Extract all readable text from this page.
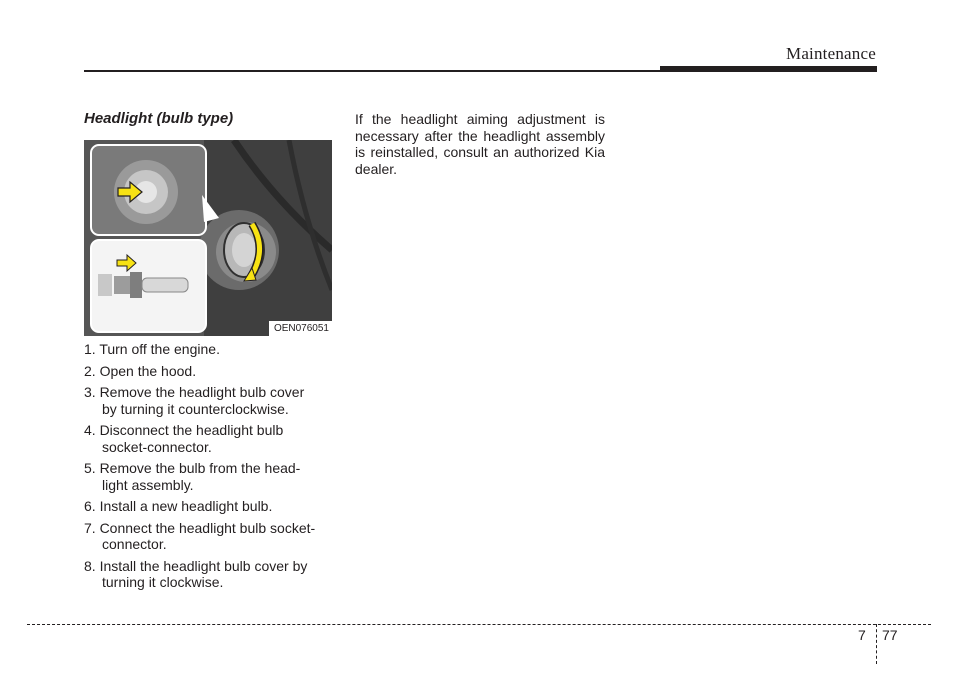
Maintenance
Headlight (bulb type)
OEN076051
1. Turn off the engine.
2. Open the hood.
3. Remove the headlight bulb cover
by turning it counterclockwise.
4. Disconnect the headlight bulb
socket-connector.
5. Remove the bulb from the head-
light assembly.
6. Install a new headlight bulb.
7. Connect the headlight bulb socket-
connector.
8. Install the headlight bulb cover by
turning it clockwise.

If the headlight aiming adjustment is necessary after the headlight assembly is reinstalled, consult an authorized Kia dealer.

7 77
